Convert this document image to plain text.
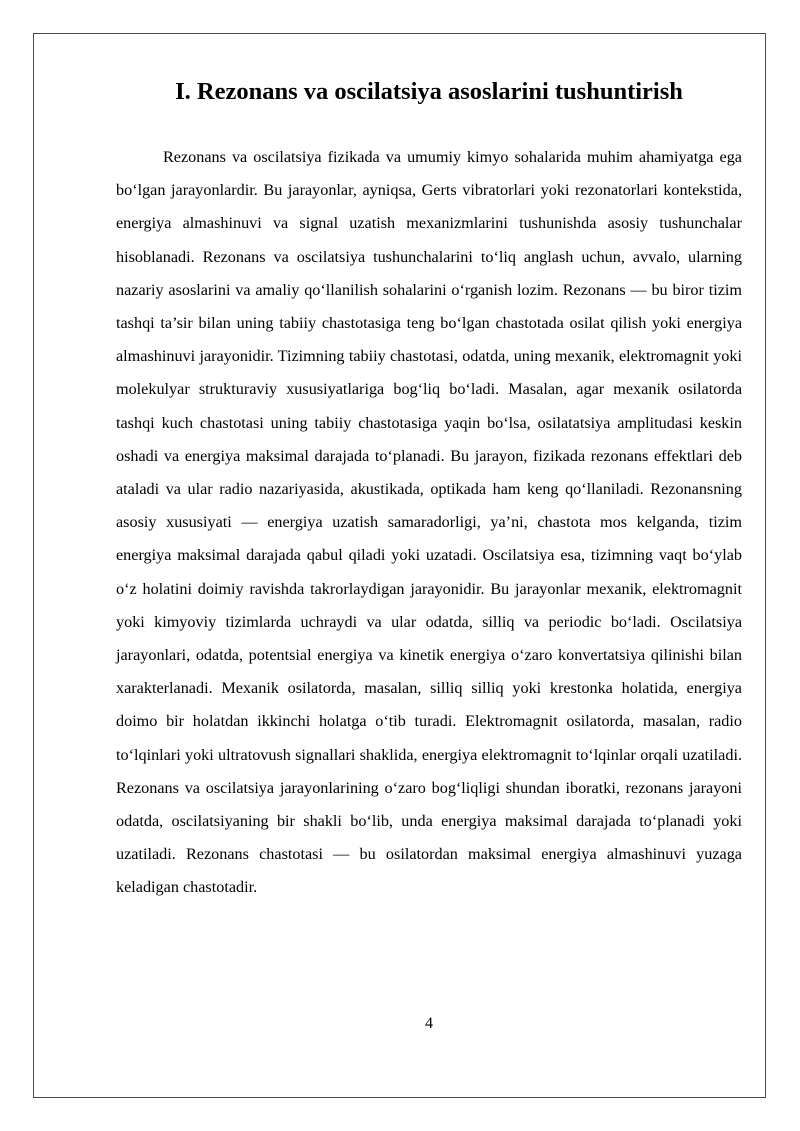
I. Rezonans va oscilatsiya asoslarini tushuntirish

Rezonans va oscilatsiya fizikada va umumiy kimyo sohalarida muhim ahamiyatga ega bo‘lgan jarayonlardir. Bu jarayonlar, ayniqsa, Gerts vibratorlari yoki rezonatorlari kontekstida, energiya almashinuvi va signal uzatish mexanizmlarini tushunishda asosiy tushunchalar hisoblanadi. Rezonans va oscilatsiya tushunchalarini to‘liq anglash uchun, avvalo, ularning nazariy asoslarini va amaliy qo‘llanilish sohalarini o‘rganish lozim. Rezonans — bu biror tizim tashqi ta’sir bilan uning tabiiy chastotasiga teng bo‘lgan chastotada osilat qilish yoki energiya almashinuvi jarayonidir. Tizimning tabiiy chastotasi, odatda, uning mexanik, elektromagnit yoki molekulyar strukturaviy xususiyatlariga bog‘liq bo‘ladi. Masalan, agar mexanik osilatorda tashqi kuch chastotasi uning tabiiy chastotasiga yaqin bo‘lsa, osilatatsiya amplitudasi keskin oshadi va energiya maksimal darajada to‘planadi. Bu jarayon, fizikada rezonans effektlari deb ataladi va ular radio nazariyasida, akustikada, optikada ham keng qo‘llaniladi. Rezonansning asosiy xususiyati — energiya uzatish samaradorligi, ya’ni, chastota mos kelganda, tizim energiya maksimal darajada qabul qiladi yoki uzatadi. Oscilatsiya esa, tizimning vaqt bo‘ylab o‘z holatini doimiy ravishda takrorlaydigan jarayonidir. Bu jarayonlar mexanik, elektromagnit yoki kimyoviy tizimlarda uchraydi va ular odatda, silliq va periodic bo‘ladi. Oscilatsiya jarayonlari, odatda, potentsial energiya va kinetik energiya o‘zaro konvertatsiya qilinishi bilan xarakterlanadi. Mexanik osilatorda, masalan, silliq silliq yoki krestonka holatida, energiya doimo bir holatdan ikkinchi holatga o‘tib turadi. Elektromagnit osilatorda, masalan, radio to‘lqinlari yoki ultratovush signallari shaklida, energiya elektromagnit to‘lqinlar orqali uzatiladi. Rezonans va oscilatsiya jarayonlarining o‘zaro bog‘liqligi shundan iboratki, rezonans jarayoni odatda, oscilatsiyaning bir shakli bo‘lib, unda energiya maksimal darajada to‘planadi yoki uzatiladi. Rezonans chastotasi — bu osilatordan maksimal energiya almashinuvi yuzaga keladigan chastotadir.

4
